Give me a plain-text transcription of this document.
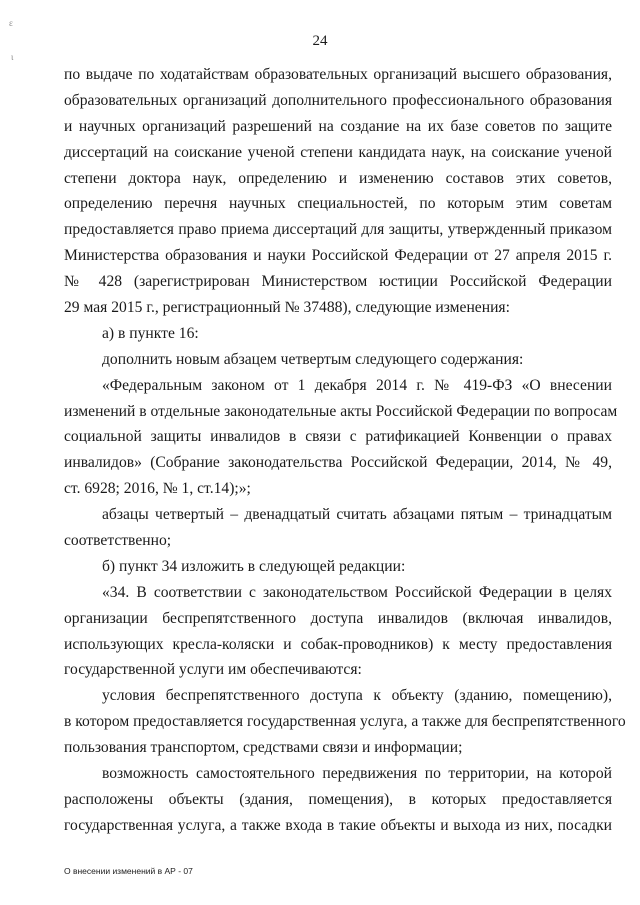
ɛ
ɩ
24
по выдаче по ходатайствам образовательных организаций высшего образования,
образовательных организаций дополнительного профессионального образования
и научных организаций разрешений на создание на их базе советов по защите
диссертаций на соискание ученой степени кандидата наук, на соискание ученой
степени доктора наук, определению и изменению составов этих советов,
определению перечня научных специальностей, по которым этим советам
предоставляется право приема диссертаций для защиты, утвержденный приказом
Министерства образования и науки Российской Федерации от 27 апреля 2015 г.
№ 428 (зарегистрирован Министерством юстиции Российской Федерации
29 мая 2015 г., регистрационный № 37488), следующие изменения:
а) в пункте 16:
дополнить новым абзацем четвертым следующего содержания:
«Федеральным законом от 1 декабря 2014 г. № 419-ФЗ «О внесении
изменений в отдельные законодательные акты Российской Федерации по вопросам
социальной защиты инвалидов в связи с ратификацией Конвенции о правах
инвалидов» (Собрание законодательства Российской Федерации, 2014, № 49,
ст. 6928; 2016, № 1, ст.14);»;
абзацы четвертый – двенадцатый считать абзацами пятым – тринадцатым
соответственно;
б) пункт 34 изложить в следующей редакции:
«34. В соответствии с законодательством Российской Федерации в целях
организации беспрепятственного доступа инвалидов (включая инвалидов,
использующих кресла-коляски и собак-проводников) к месту предоставления
государственной услуги им обеспечиваются:
условия беспрепятственного доступа к объекту (зданию, помещению),
в котором предоставляется государственная услуга, а также для беспрепятственного
пользования транспортом, средствами связи и информации;
возможность самостоятельного передвижения по территории, на которой
расположены объекты (здания, помещения), в которых предоставляется
государственная услуга, а также входа в такие объекты и выхода из них, посадки
О внесении изменений в АР - 07
